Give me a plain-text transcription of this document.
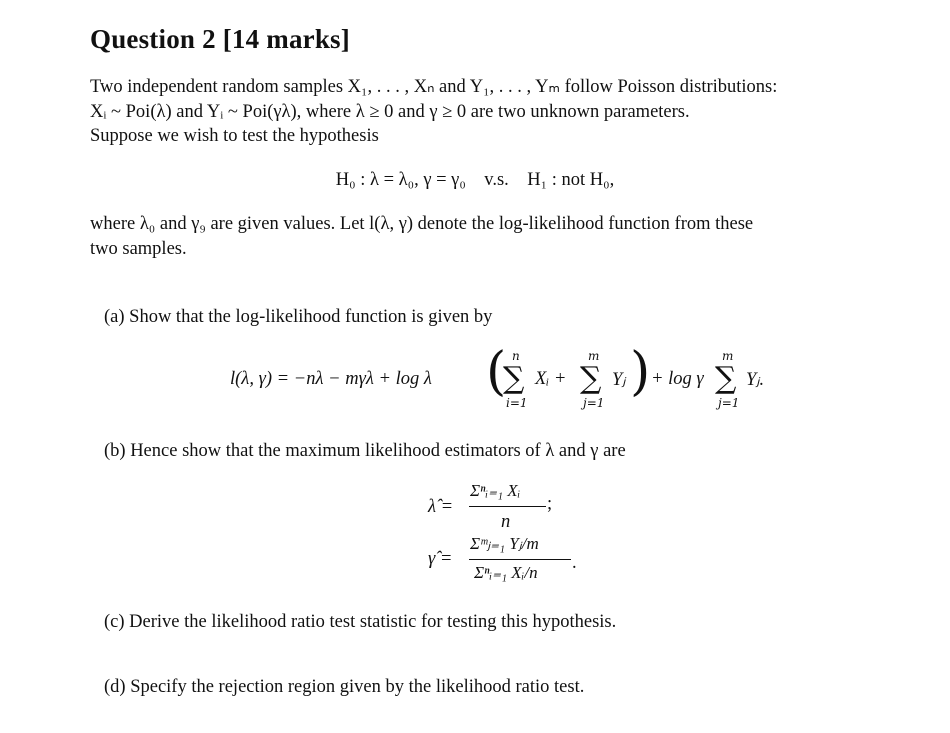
Question 2 [14 marks]
Two independent random samples X₁, . . . , Xₙ and Y₁, . . . , Yₘ follow Poisson distributions:
Xᵢ ~ Poi(λ) and Yᵢ ~ Poi(γλ), where λ ≥ 0 and γ ≥ 0 are two unknown parameters.
Suppose we wish to test the hypothesis
H₀ : λ = λ₀, γ = γ₀    v.s.    H₁ : not H₀,
where λ₀ and γ₉ are given values. Let l(λ, γ) denote the log-likelihood function from these
two samples.
(a) Show that the log-likelihood function is given by
l(λ, γ) = −nλ − mγλ + log λ ( n
∑
i=1
Xᵢ +
m
∑
j=1
Yⱼ ) + log γ
m
∑
j=1
Yⱼ.
(b) Hence show that the maximum likelihood estimators of λ and γ are
λ̂ =
Σⁿᵢ₌₁ Xᵢ
n
;
γ̂ =
Σᵐⱼ₌₁ Yⱼ/m
Σⁿᵢ₌₁ Xᵢ/n .
(c) Derive the likelihood ratio test statistic for testing this hypothesis.
(d) Specify the rejection region given by the likelihood ratio test.
